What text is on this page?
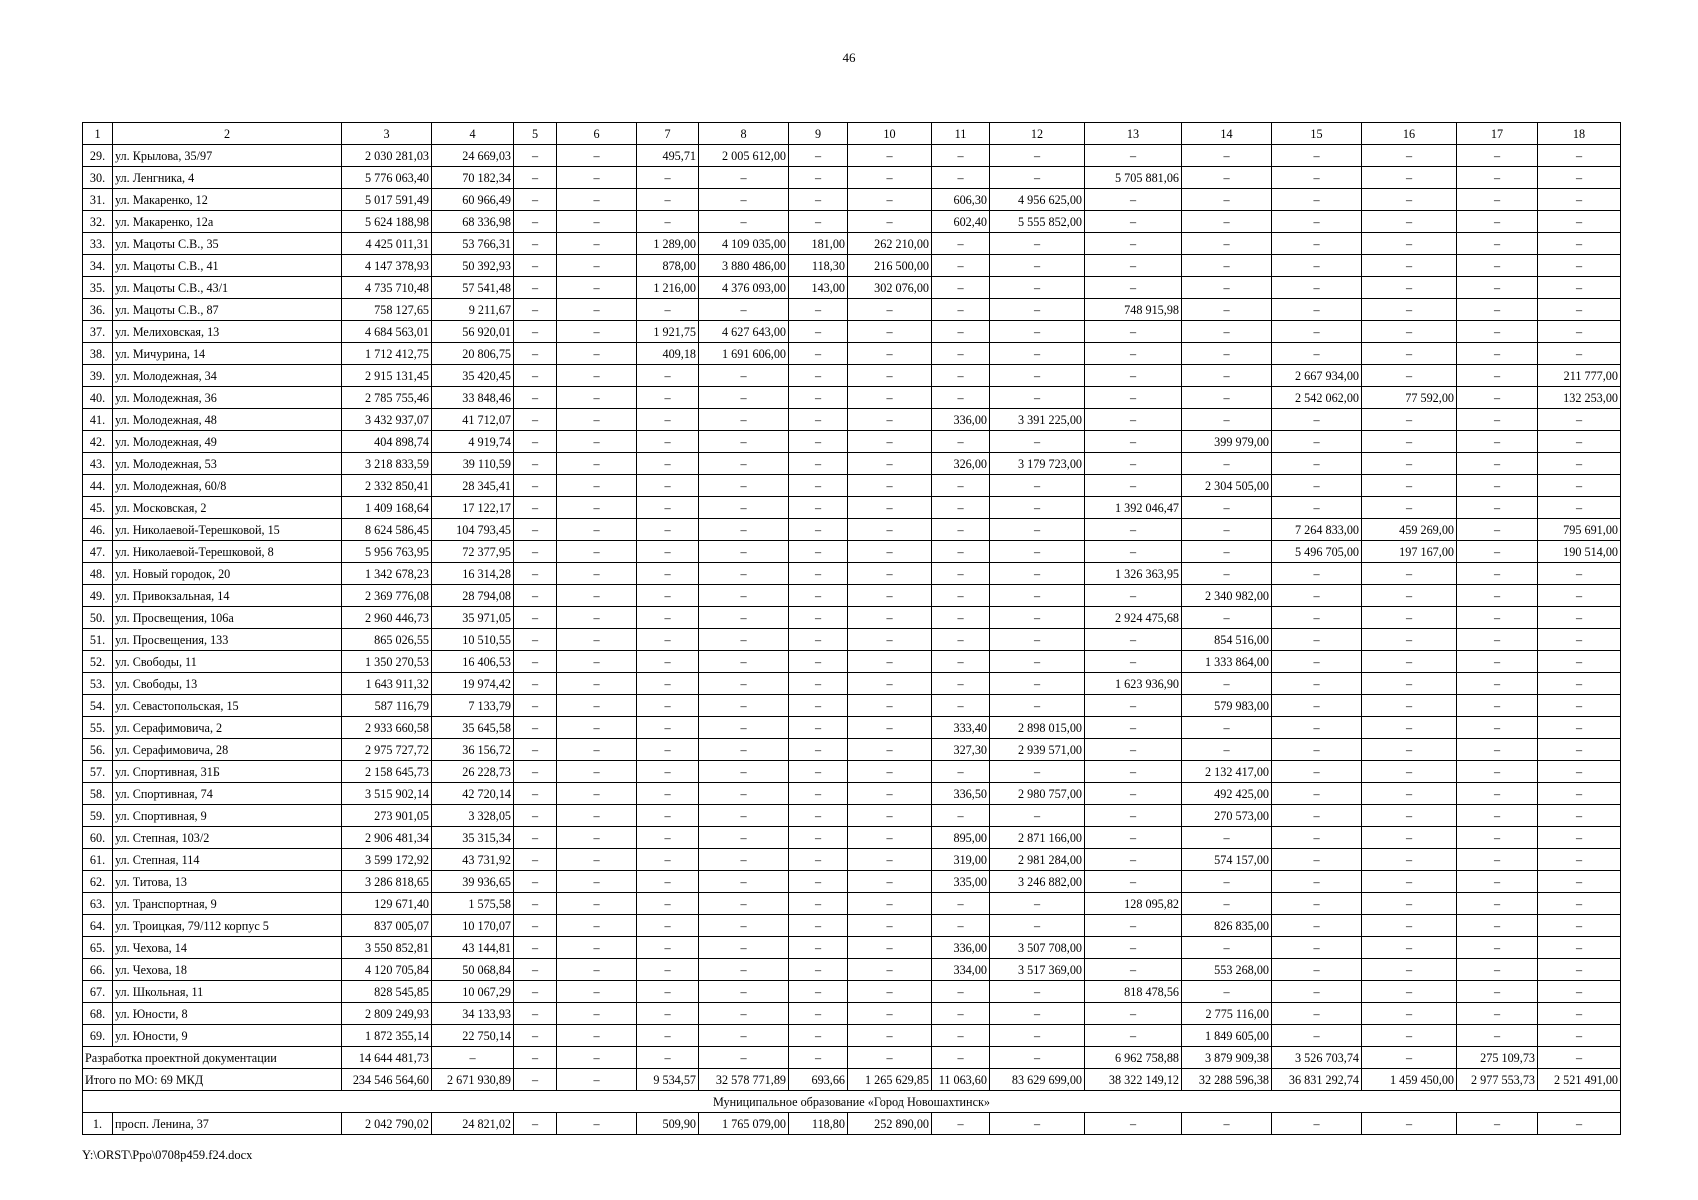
46
1	2	3	4	5	6	7	8	9	10	11	12	13	14	15	16	17	18
29.	ул. Крылова, 35/97	2 030 281,03	24 669,03	–	–	495,71	2 005 612,00	–	–	–	–	–	–	–	–	–	–
30.	ул. Ленгника, 4	5 776 063,40	70 182,34	–	–	–	–	–	–	–	–	5 705 881,06	–	–	–	–	–
31.	ул. Макаренко, 12	5 017 591,49	60 966,49	–	–	–	–	–	–	606,30	4 956 625,00	–	–	–	–	–	–
32.	ул. Макаренко, 12а	5 624 188,98	68 336,98	–	–	–	–	–	–	602,40	5 555 852,00	–	–	–	–	–	–
33.	ул. Мацоты С.В., 35	4 425 011,31	53 766,31	–	–	1 289,00	4 109 035,00	181,00	262 210,00	–	–	–	–	–	–	–	–
34.	ул. Мацоты С.В., 41	4 147 378,93	50 392,93	–	–	878,00	3 880 486,00	118,30	216 500,00	–	–	–	–	–	–	–	–
35.	ул. Мацоты С.В., 43/1	4 735 710,48	57 541,48	–	–	1 216,00	4 376 093,00	143,00	302 076,00	–	–	–	–	–	–	–	–
36.	ул. Мацоты С.В., 87	758 127,65	9 211,67	–	–	–	–	–	–	–	–	748 915,98	–	–	–	–	–
37.	ул. Мелиховская, 13	4 684 563,01	56 920,01	–	–	1 921,75	4 627 643,00	–	–	–	–	–	–	–	–	–	–
38.	ул. Мичурина, 14	1 712 412,75	20 806,75	–	–	409,18	1 691 606,00	–	–	–	–	–	–	–	–	–	–
39.	ул. Молодежная, 34	2 915 131,45	35 420,45	–	–	–	–	–	–	–	–	–	–	2 667 934,00	–	–	211 777,00
40.	ул. Молодежная, 36	2 785 755,46	33 848,46	–	–	–	–	–	–	–	–	–	–	2 542 062,00	77 592,00	–	132 253,00
41.	ул. Молодежная, 48	3 432 937,07	41 712,07	–	–	–	–	–	–	336,00	3 391 225,00	–	–	–	–	–	–
42.	ул. Молодежная, 49	404 898,74	4 919,74	–	–	–	–	–	–	–	–	–	399 979,00	–	–	–	–
43.	ул. Молодежная, 53	3 218 833,59	39 110,59	–	–	–	–	–	–	326,00	3 179 723,00	–	–	–	–	–	–
44.	ул. Молодежная, 60/8	2 332 850,41	28 345,41	–	–	–	–	–	–	–	–	–	2 304 505,00	–	–	–	–
45.	ул. Московская, 2	1 409 168,64	17 122,17	–	–	–	–	–	–	–	–	1 392 046,47	–	–	–	–	–
46.	ул. Николаевой-Терешковой, 15	8 624 586,45	104 793,45	–	–	–	–	–	–	–	–	–	–	7 264 833,00	459 269,00	–	795 691,00
47.	ул. Николаевой-Терешковой, 8	5 956 763,95	72 377,95	–	–	–	–	–	–	–	–	–	–	5 496 705,00	197 167,00	–	190 514,00
48.	ул. Новый городок, 20	1 342 678,23	16 314,28	–	–	–	–	–	–	–	–	1 326 363,95	–	–	–	–	–
49.	ул. Привокзальная, 14	2 369 776,08	28 794,08	–	–	–	–	–	–	–	–	–	2 340 982,00	–	–	–	–
50.	ул. Просвещения, 106а	2 960 446,73	35 971,05	–	–	–	–	–	–	–	–	2 924 475,68	–	–	–	–	–
51.	ул. Просвещения, 133	865 026,55	10 510,55	–	–	–	–	–	–	–	–	–	854 516,00	–	–	–	–
52.	ул. Свободы, 11	1 350 270,53	16 406,53	–	–	–	–	–	–	–	–	–	1 333 864,00	–	–	–	–
53.	ул. Свободы, 13	1 643 911,32	19 974,42	–	–	–	–	–	–	–	–	1 623 936,90	–	–	–	–	–
54.	ул. Севастопольская, 15	587 116,79	7 133,79	–	–	–	–	–	–	–	–	–	579 983,00	–	–	–	–
55.	ул. Серафимовича, 2	2 933 660,58	35 645,58	–	–	–	–	–	–	333,40	2 898 015,00	–	–	–	–	–	–
56.	ул. Серафимовича, 28	2 975 727,72	36 156,72	–	–	–	–	–	–	327,30	2 939 571,00	–	–	–	–	–	–
57.	ул. Спортивная, 31Б	2 158 645,73	26 228,73	–	–	–	–	–	–	–	–	–	2 132 417,00	–	–	–	–
58.	ул. Спортивная, 74	3 515 902,14	42 720,14	–	–	–	–	–	–	336,50	2 980 757,00	–	492 425,00	–	–	–	–
59.	ул. Спортивная, 9	273 901,05	3 328,05	–	–	–	–	–	–	–	–	–	270 573,00	–	–	–	–
60.	ул. Степная, 103/2	2 906 481,34	35 315,34	–	–	–	–	–	–	895,00	2 871 166,00	–	–	–	–	–	–
61.	ул. Степная, 114	3 599 172,92	43 731,92	–	–	–	–	–	–	319,00	2 981 284,00	–	574 157,00	–	–	–	–
62.	ул. Титова, 13	3 286 818,65	39 936,65	–	–	–	–	–	–	335,00	3 246 882,00	–	–	–	–	–	–
63.	ул. Транспортная, 9	129 671,40	1 575,58	–	–	–	–	–	–	–	–	128 095,82	–	–	–	–	–
64.	ул. Троицкая, 79/112 корпус 5	837 005,07	10 170,07	–	–	–	–	–	–	–	–	–	826 835,00	–	–	–	–
65.	ул. Чехова, 14	3 550 852,81	43 144,81	–	–	–	–	–	–	336,00	3 507 708,00	–	–	–	–	–	–
66.	ул. Чехова, 18	4 120 705,84	50 068,84	–	–	–	–	–	–	334,00	3 517 369,00	–	553 268,00	–	–	–	–
67.	ул. Школьная, 11	828 545,85	10 067,29	–	–	–	–	–	–	–	–	818 478,56	–	–	–	–	–
68.	ул. Юности, 8	2 809 249,93	34 133,93	–	–	–	–	–	–	–	–	–	2 775 116,00	–	–	–	–
69.	ул. Юности, 9	1 872 355,14	22 750,14	–	–	–	–	–	–	–	–	–	1 849 605,00	–	–	–	–
Разработка проектной документации		14 644 481,73	–	–	–	–	–	–	–	–	–	6 962 758,88	3 879 909,38	3 526 703,74	–	275 109,73	–
Итого по МО: 69 МКД		234 546 564,60	2 671 930,89	–	–	9 534,57	32 578 771,89	693,66	1 265 629,85	11 063,60	83 629 699,00	38 322 149,12	32 288 596,38	36 831 292,74	1 459 450,00	2 977 553,73	2 521 491,00
Муниципальное образование «Город Новошахтинск»																	
1.	просп. Ленина, 37	2 042 790,02	24 821,02	–	–	509,90	1 765 079,00	118,80	252 890,00	–	–	–	–	–	–	–	–
Y:\ORST\Ppo\0708p459.f24.docx
